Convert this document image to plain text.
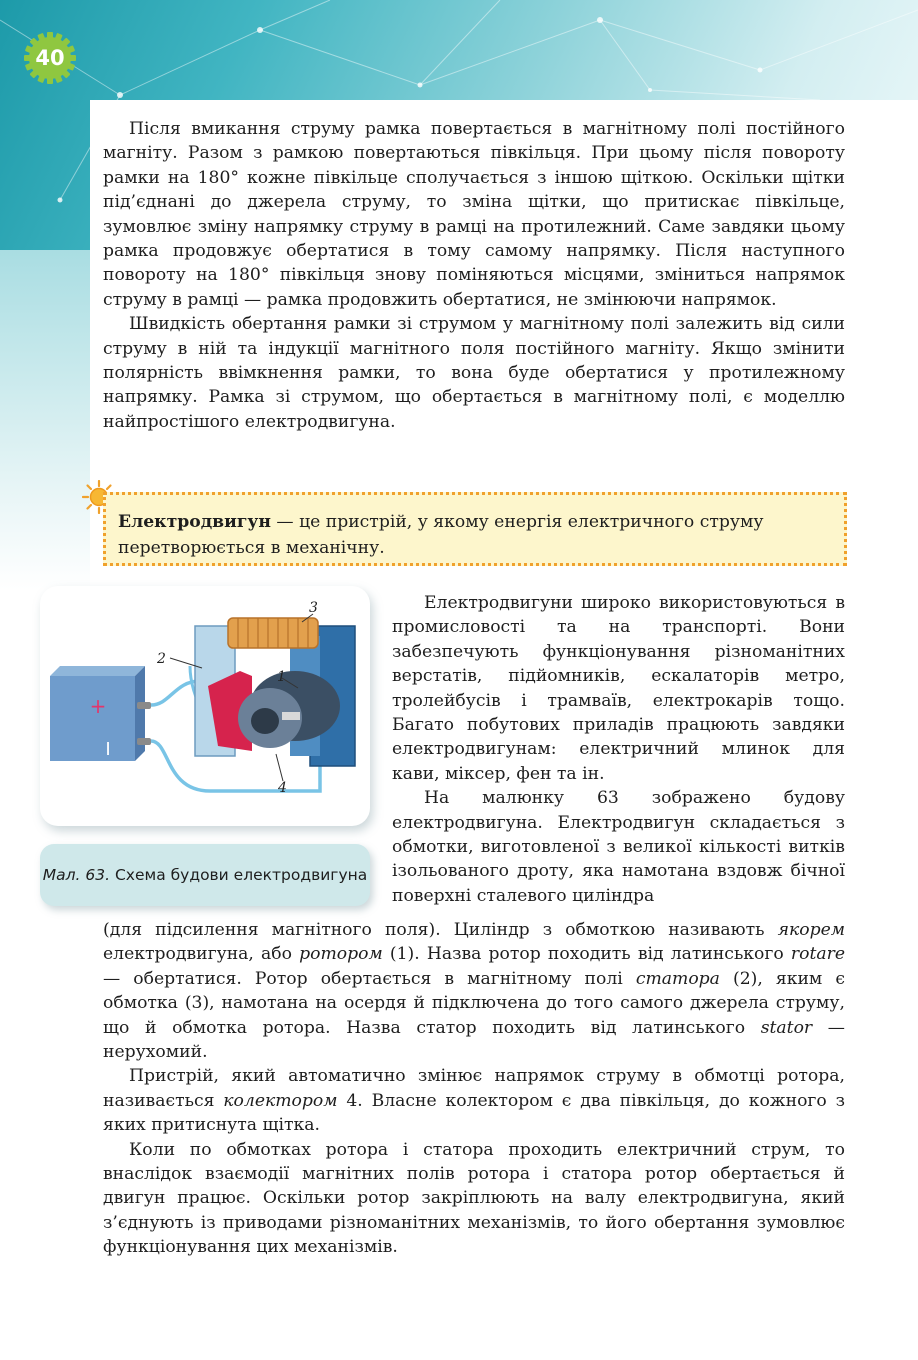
40

Після вмикання струму рамка повертається в магнітному полі постійного магніту. Разом з рамкою повертаються півкільця. При цьому після повороту рамки на 180° кожне півкільце сполучається з іншою щіткою. Оскільки щітки під’єднані до джерела струму, то зміна щітки, що притискає півкільце, зумовлює зміну напрямку струму в рамці на протилежний. Саме завдяки цьому рамка продовжує обертатися в тому самому напрямку. Після наступного повороту на 180° півкільця знову поміняються місцями, зміниться напрямок струму в рамці — рамка продовжить обертатися, не змінюючи напрямок.

Швидкість обертання рамки зі струмом у магнітному полі залежить від сили струму в ній та індукції магнітного поля постійного магніту. Якщо змінити полярність ввімкнення рамки, то вона буде обертатися у протилежному напрямку. Рамка зі струмом, що обертається в магнітному полі, є моделлю найпростішого електродвигуна.

Електродвигун — це пристрій, у якому енергія електричного струму перетворюється в механічну.
+
I
1
2
3
4
Мал. 63. Схема будови електродвигуна

Електродвигуни широко використовуються в промисловості та на транспорті. Вони забезпечують функціонування різноманітних верстатів, підйомників, ескалаторів метро, тролейбусів і трамваїв, електрокарів тощо. Багато побутових приладів працюють завдяки електродвигунам: електричний млинок для кави, міксер, фен та ін.

На малюнку 63 зображено будову електродвигуна. Електродвигун складається з обмотки, виготовленої з великої кількості витків ізольованого дроту, яка намотана вздовж бічної поверхні сталевого циліндра

(для підсилення магнітного поля). Циліндр з обмоткою називають якорем електродвигуна, або ротором (1). Назва ротор походить від латинського rotare — обертатися. Ротор обертається в магнітному полі статора (2), яким є обмотка (3), намотана на осердя й підключена до того самого джерела струму, що й обмотка ротора. Назва статор походить від латинського stator — нерухомий.

Пристрій, який автоматично змінює напрямок струму в обмотці ротора, називається колектором 4. Власне колектором є два півкільця, до кожного з яких притиснута щітка.

Коли по обмотках ротора і статора проходить електричний струм, то внаслідок взаємодії магнітних полів ротора і статора ротор обертається й двигун працює. Оскільки ротор закріплюють на валу електродвигуна, який з’єднують із приводами різноманітних механізмів, то його обертання зумовлює функціонування цих механізмів.
